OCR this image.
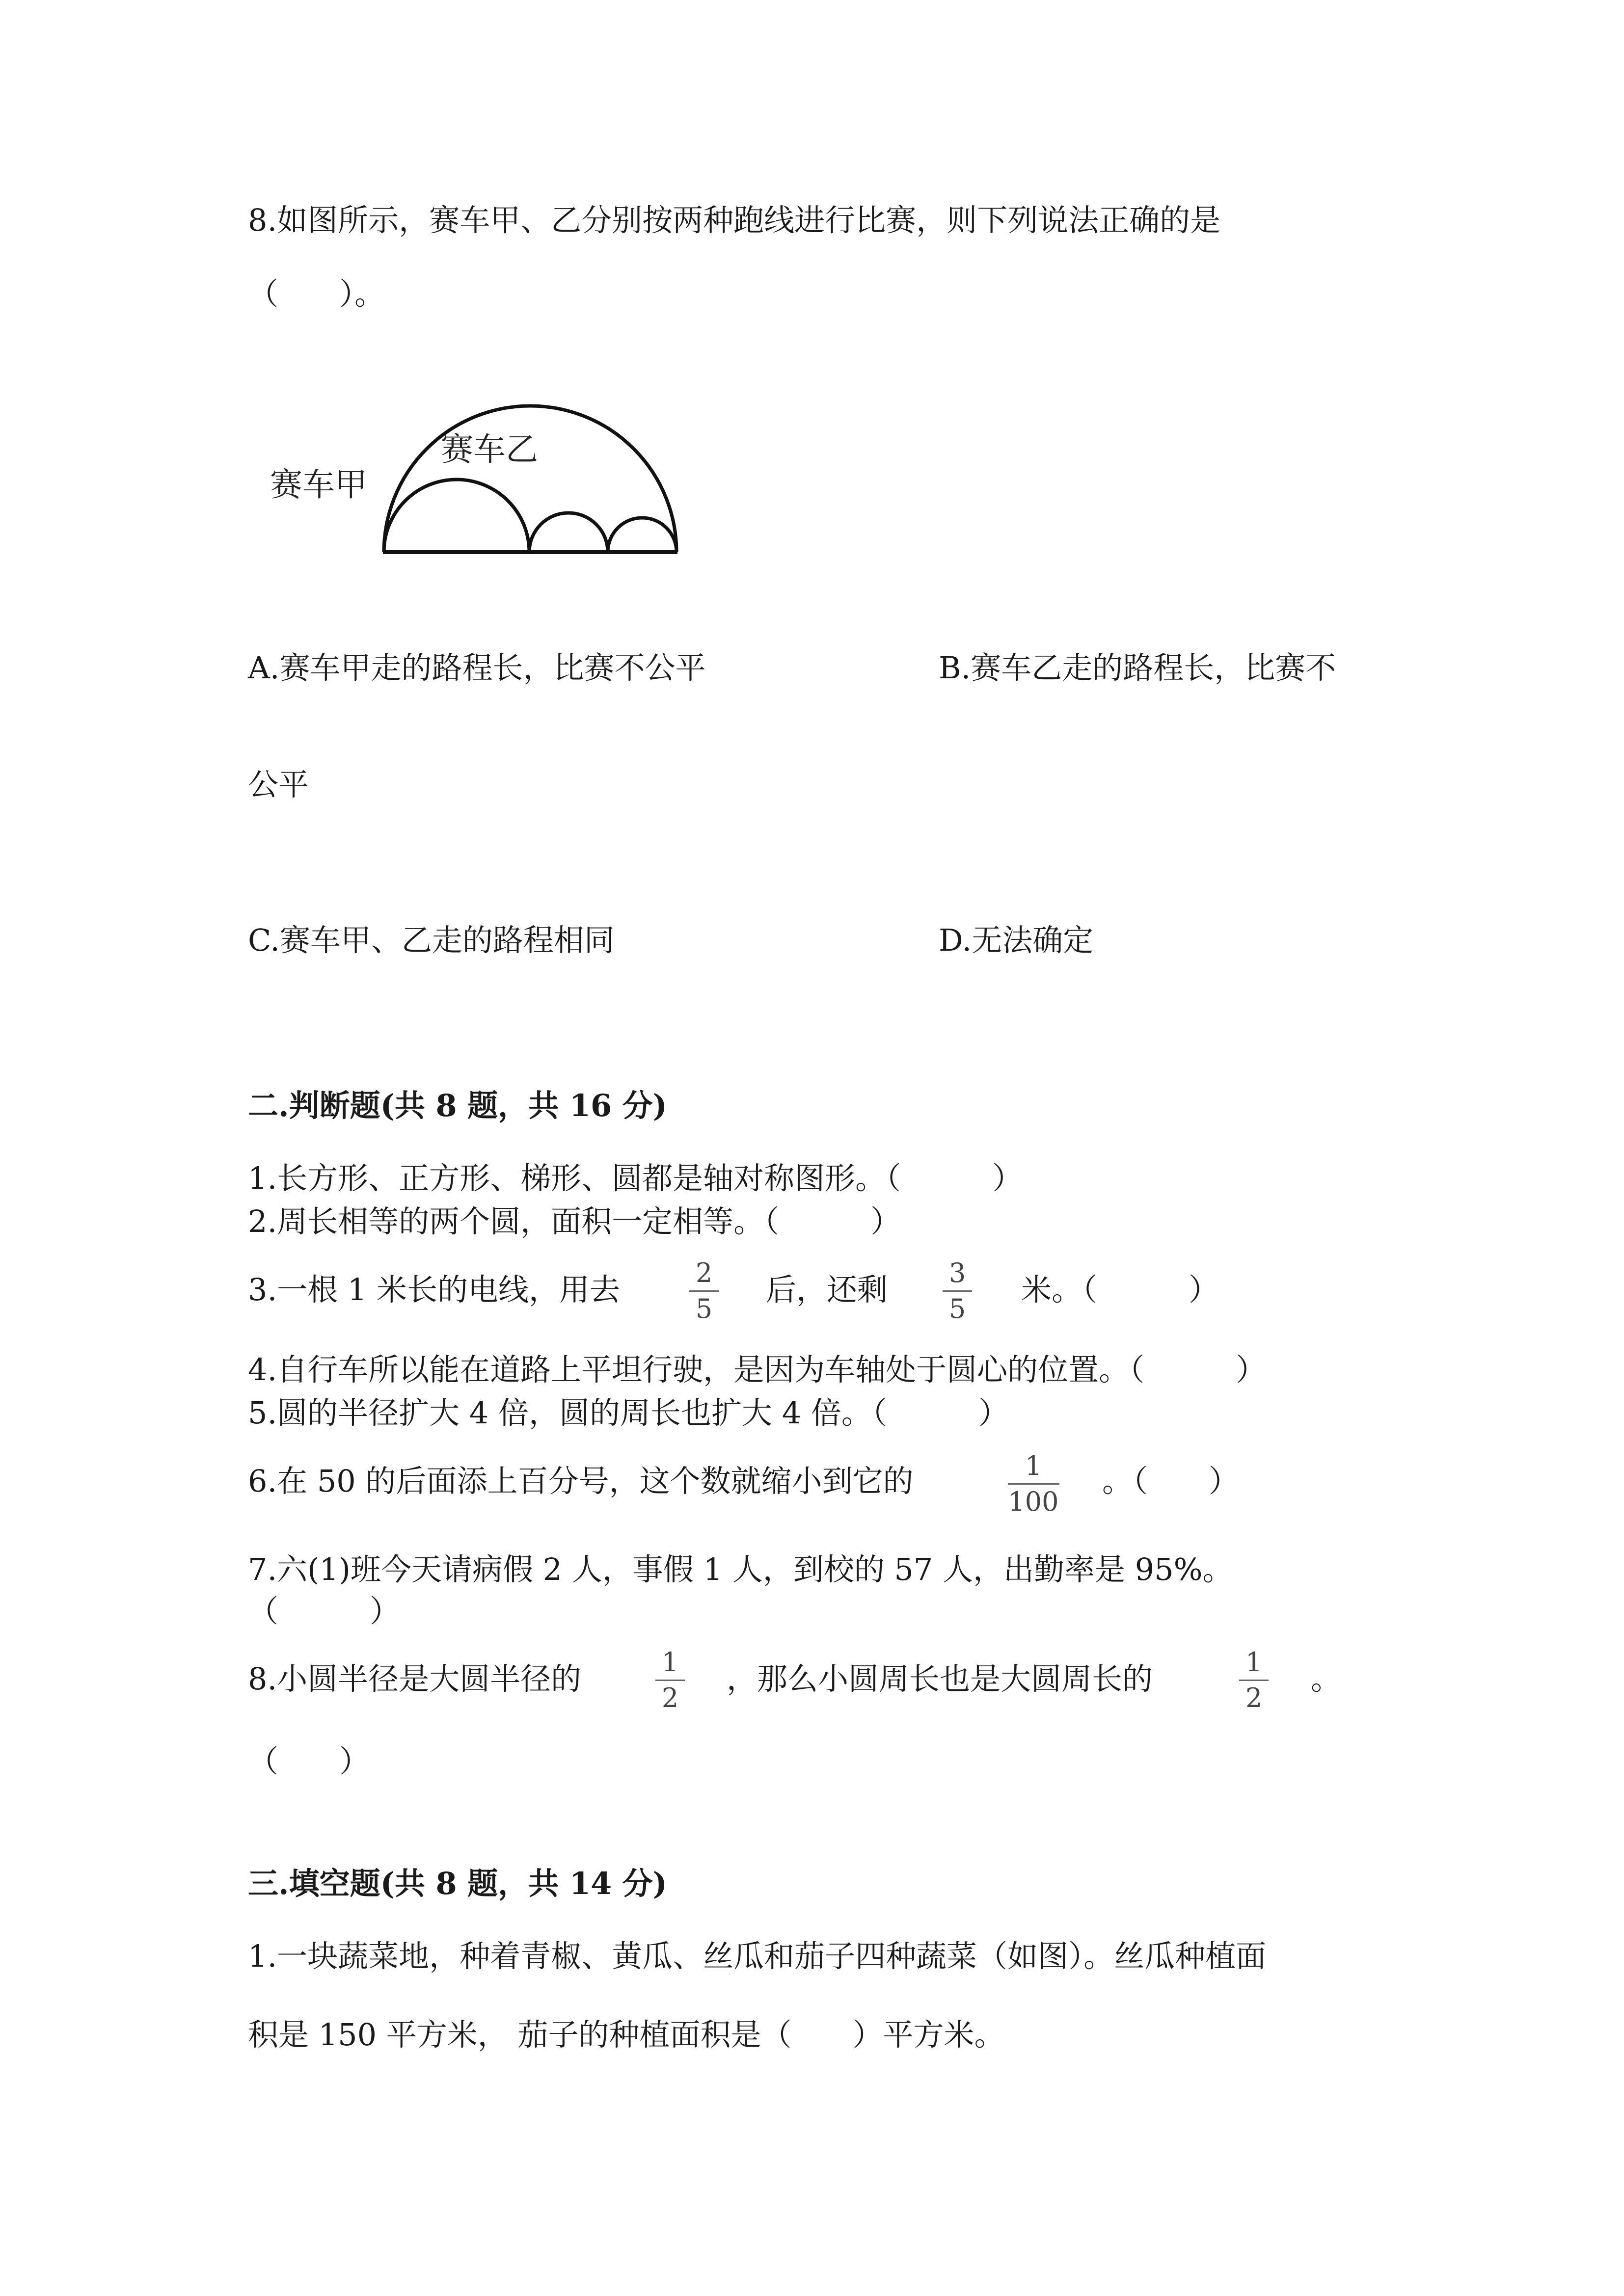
8.如图所示，赛车甲、乙分别按两种跑线进行比赛，则下列说法正确的是
（　　）。
赛车甲
赛车乙
A.赛车甲走的路程长，比赛不公平	B.赛车乙走的路程长，比赛不
公平
C.赛车甲、乙走的路程相同	D.无法确定
二.判断题(共 8 题，共 16 分)
1.长方形、正方形、梯形、圆都是轴对称图形。（　　　）
2.周长相等的两个圆，面积一定相等。（　　　）
3.一根 1 米长的电线，用去	2
5
后，还剩	3
5
米。（　　　）
4.自行车所以能在道路上平坦行驶，是因为车轴处于圆心的位置。（　　　）
5.圆的半径扩大 4 倍，圆的周长也扩大 4 倍。（　　　）
6.在 50 的后面添上百分号，这个数就缩小到它的	1
100
。（　　）
7.六(1)班今天请病假 2 人，事假 1 人，到校的 57 人，出勤率是 95%。
（　　　）
8.小圆半径是大圆半径的	1
2
，那么小圆周长也是大圆周长的	1
2
。
（　　）
三.填空题(共 8 题，共 14 分)
1.一块蔬菜地，种着青椒、黄瓜、丝瓜和茄子四种蔬菜（如图）。丝瓜种植面
积是 150 平方米， 茄子的种植面积是（　　）平方米。
